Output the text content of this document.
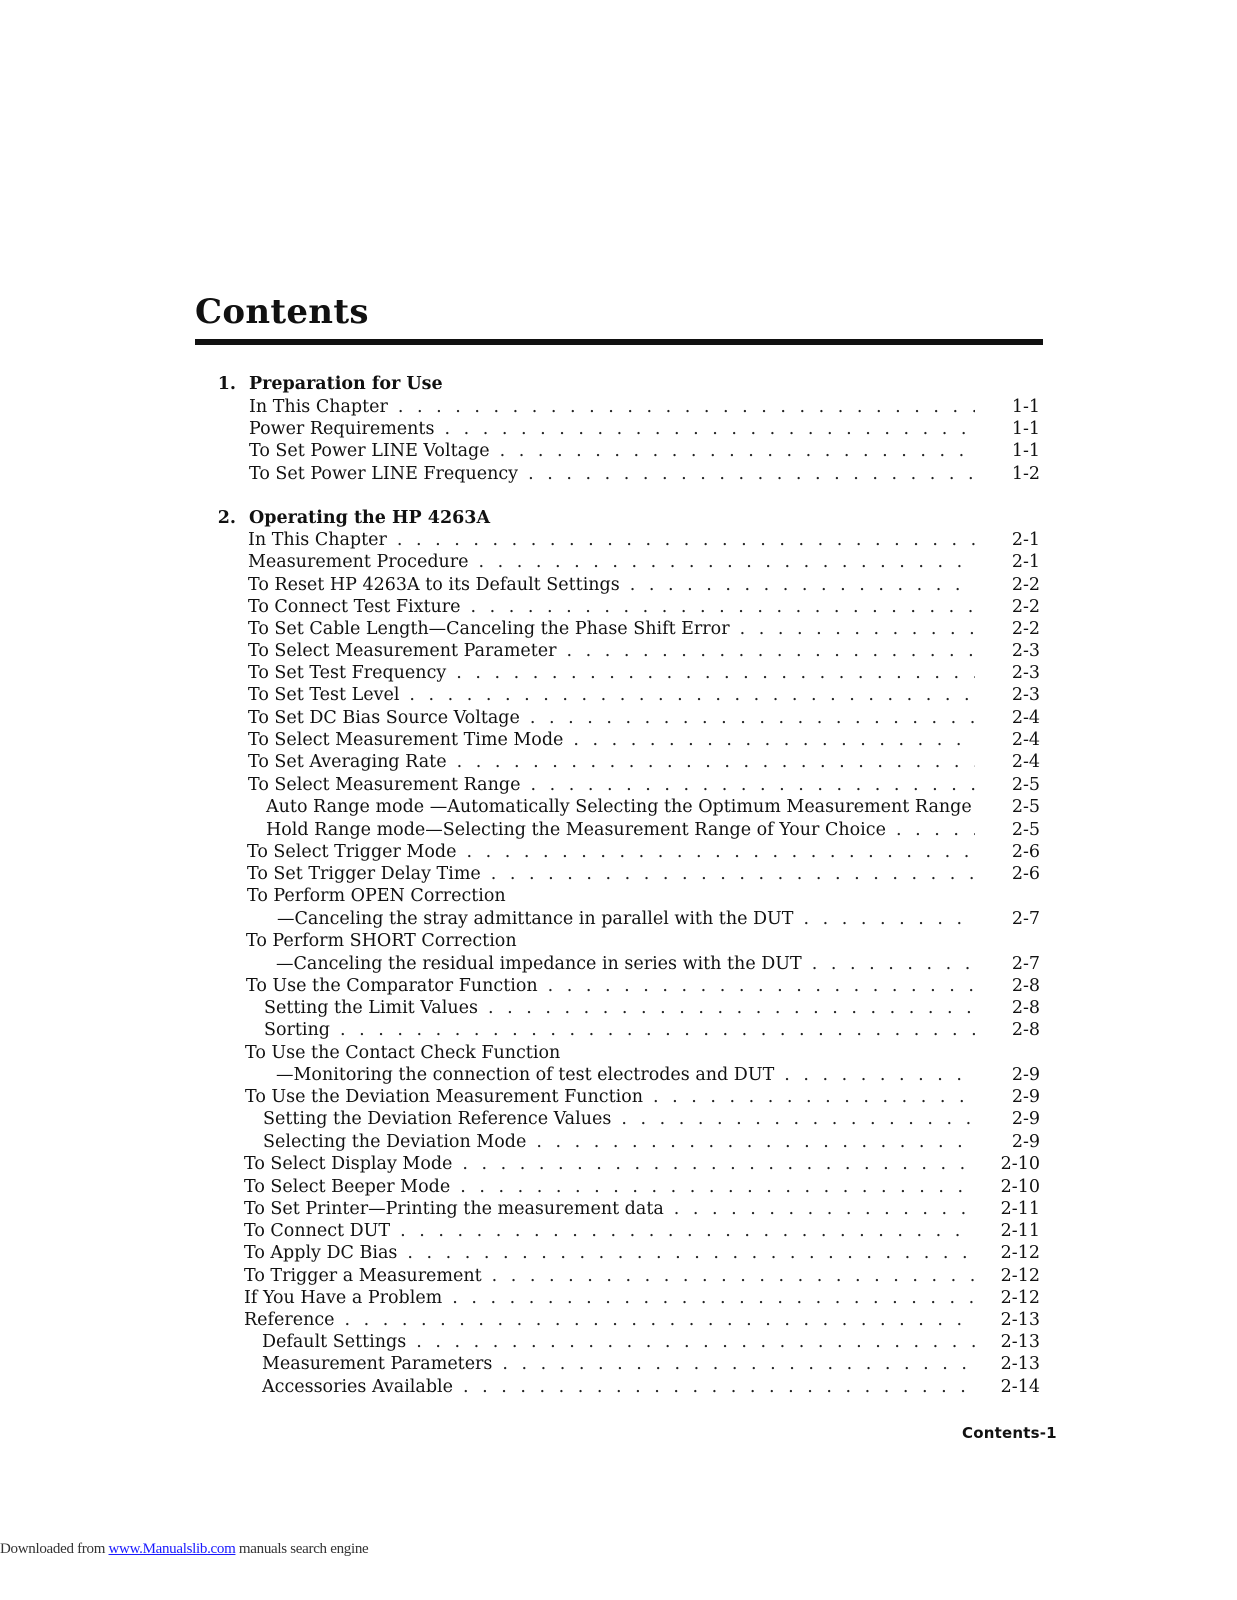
Contents
1. Preparation for Use
In This Chapter . . .	1-1
Power Requirements . . .	1-1
To Set Power LINE Voltage . . .	1-1
To Set Power LINE Frequency . . .	1-2
2. Operating the HP 4263A
In This Chapter . . .	2-1
Measurement Procedure . . .	2-1
To Reset HP 4263A to its Default Settings . . .	2-2
To Connect Test Fixture . . .	2-2
To Set Cable Length—Canceling the Phase Shift Error . . .	2-2
To Select Measurement Parameter . . .	2-3
To Set Test Frequency . . .	2-3
To Set Test Level . . .	2-3
To Set DC Bias Source Voltage . . .	2-4
To Select Measurement Time Mode . . .	2-4
To Set Averaging Rate . . .	2-4
To Select Measurement Range . . .	2-5
Auto Range mode —Automatically Selecting the Optimum Measurement Range	2-5
Hold Range mode—Selecting the Measurement Range of Your Choice . . .	2-5
To Select Trigger Mode . . .	2-6
To Set Trigger Delay Time . . .	2-6
To Perform OPEN Correction
—Canceling the stray admittance in parallel with the DUT . . .	2-7
To Perform SHORT Correction
—Canceling the residual impedance in series with the DUT . . .	2-7
To Use the Comparator Function . . .	2-8
Setting the Limit Values . . .	2-8
Sorting . . .	2-8
To Use the Contact Check Function
—Monitoring the connection of test electrodes and DUT . . .	2-9
To Use the Deviation Measurement Function . . .	2-9
Setting the Deviation Reference Values . . .	2-9
Selecting the Deviation Mode . . .	2-9
To Select Display Mode . . .	2-10
To Select Beeper Mode . . .	2-10
To Set Printer—Printing the measurement data . . .	2-11
To Connect DUT . . .	2-11
To Apply DC Bias . . .	2-12
To Trigger a Measurement . . .	2-12
If You Have a Problem . . .	2-12
Reference . . .	2-13
Default Settings . . .	2-13
Measurement Parameters . . .	2-13
Accessories Available . . .	2-14
Contents-1
Downloaded from www.Manualslib.com manuals search engine
